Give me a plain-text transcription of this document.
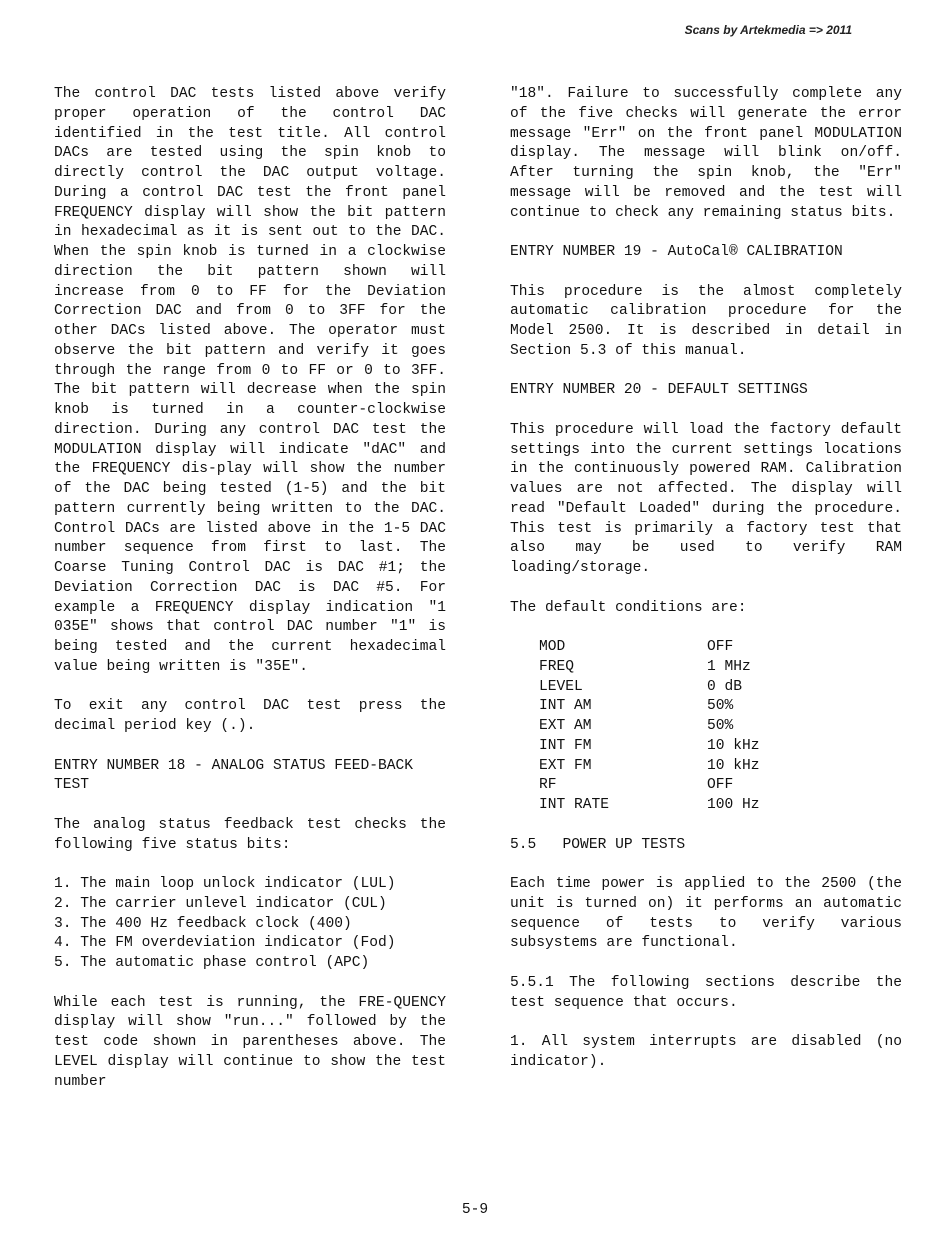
Scans by Artekmedia => 2011

The control DAC tests listed above verify proper operation of the control DAC identified in the test title. All control DACs are tested using the spin knob to directly control the DAC output voltage. During a control DAC test the front panel FREQUENCY display will show the bit pattern in hexadecimal as it is sent out to the DAC. When the spin knob is turned in a clockwise direction the bit pattern shown will increase from 0 to FF for the Deviation Correction DAC and from 0 to 3FF for the other DACs listed above. The operator must observe the bit pattern and verify it goes through the range from 0 to FF or 0 to 3FF. The bit pattern will decrease when the spin knob is turned in a counter-clockwise direction. During any control DAC test the MODULATION display will indicate "dAC" and the FREQUENCY dis-play will show the number of the DAC being tested (1-5) and the bit pattern currently being written to the DAC. Control DACs are listed above in the 1-5 DAC number sequence from first to last. The Coarse Tuning Control DAC is DAC #1; the Deviation Correction DAC is DAC #5. For example a FREQUENCY display indication "1 035E" shows that control DAC number "1" is being tested and the current hexadecimal value being written is "35E".

To exit any control DAC test press the decimal period key (.).

ENTRY NUMBER 18 - ANALOG STATUS FEED-BACK TEST

The analog status feedback test checks the following five status bits:

1. The main loop unlock indicator (LUL)
2. The carrier unlevel indicator (CUL)
3. The 400 Hz feedback clock (400)
4. The FM overdeviation indicator (Fod)
5. The automatic phase control (APC)

While each test is running, the FRE-QUENCY display will show "run..." followed by the test code shown in parentheses above. The LEVEL display will continue to show the test number

"18". Failure to successfully complete any of the five checks will generate the error message "Err" on the front panel MODULATION display. The message will blink on/off. After turning the spin knob, the "Err" message will be removed and the test will continue to check any remaining status bits.

ENTRY NUMBER 19 - AutoCal® CALIBRATION

This procedure is the almost completely automatic calibration procedure for the Model 2500. It is described in detail in Section 5.3 of this manual.

ENTRY NUMBER 20 - DEFAULT SETTINGS

This procedure will load the factory default settings into the current settings locations in the continuously powered RAM. Calibration values are not affected. The display will read "Default Loaded" during the procedure. This test is primarily a factory test that also may be used to verify RAM loading/storage.

The default conditions are:

MOD	OFF
FREQ	1 MHz
LEVEL	0 dB
INT AM	50%
EXT AM	50%
INT FM	10 kHz
EXT FM	10 kHz
RF	OFF
INT RATE	100 Hz

5.5   POWER UP TESTS

Each time power is applied to the 2500 (the unit is turned on) it performs an automatic sequence of tests to verify various subsystems are functional.

5.5.1 The following sections describe the test sequence that occurs.

1. All system interrupts are disabled (no indicator).

5-9
